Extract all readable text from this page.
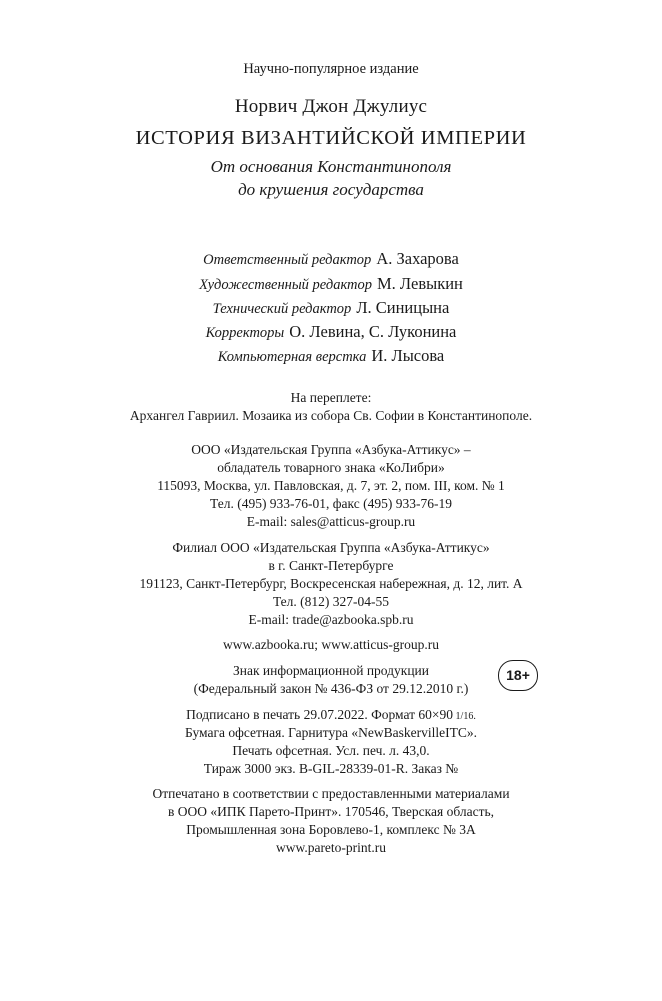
Научно-популярное издание
Норвич Джон Джулиус
ИСТОРИЯ ВИЗАНТИЙСКОЙ ИМПЕРИИ
От основания Константинополя
до крушения государства
Ответственный редактор А. Захарова
Художественный редактор М. Левыкин
Технический редактор Л. Синицына
Корректоры О. Левина, С. Луконина
Компьютерная верстка И. Лысова
На переплете:
Архангел Гавриил. Мозаика из собора Св. Софии в Константинополе.
ООО «Издательская Группа «Азбука-Аттикус» –
обладатель товарного знака «КоЛибри»
115093, Москва, ул. Павловская, д. 7, эт. 2, пом. III, ком. № 1
Тел. (495) 933-76-01, факс (495) 933-76-19
E-mail: sales@atticus-group.ru
Филиал ООО «Издательская Группа «Азбука-Аттикус»
в г. Санкт-Петербурге
191123, Санкт-Петербург, Воскресенская набережная, д. 12, лит. А
Тел. (812) 327-04-55
E-mail: trade@azbooka.spb.ru
www.azbooka.ru; www.atticus-group.ru
Знак информационной продукции
(Федеральный закон № 436-ФЗ от 29.12.2010 г.)
18+
Подписано в печать 29.07.2022. Формат 60×90 1/16.
Бумага офсетная. Гарнитура «NewBaskervilleITC».
Печать офсетная. Усл. печ. л. 43,0.
Тираж 3000 экз. B-GIL-28339-01-R. Заказ №
Отпечатано в соответствии с предоставленными материалами
в ООО «ИПК Парето-Принт». 170546, Тверская область,
Промышленная зона Боровлево-1, комплекс № 3А
www.pareto-print.ru
